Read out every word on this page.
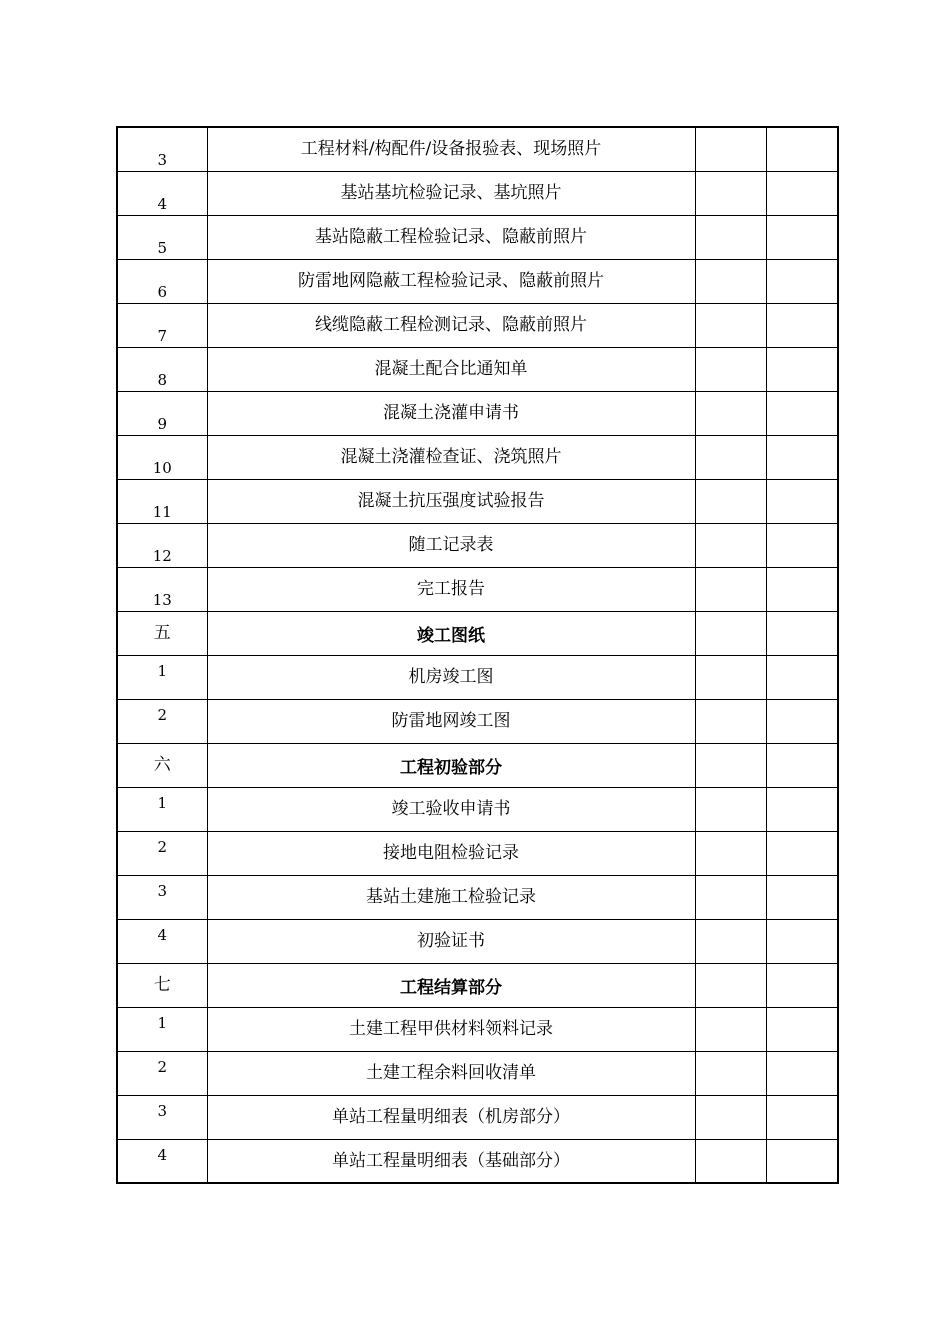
3	工程材料/构配件/设备报验表、现场照片		
4	基站基坑检验记录、基坑照片		
5	基站隐蔽工程检验记录、隐蔽前照片		
6	防雷地网隐蔽工程检验记录、隐蔽前照片		
7	线缆隐蔽工程检测记录、隐蔽前照片		
8	混凝土配合比通知单		
9	混凝土浇灌申请书		
10	混凝土浇灌检查证、浇筑照片		
11	混凝土抗压强度试验报告		
12	随工记录表		
13	完工报告		
五	竣工图纸		
1	机房竣工图		
2	防雷地网竣工图		
六	工程初验部分		
1	竣工验收申请书		
2	接地电阻检验记录		
3	基站土建施工检验记录		
4	初验证书		
七	工程结算部分		
1	土建工程甲供材料领料记录		
2	土建工程余料回收清单		
3	单站工程量明细表（机房部分）		
4	单站工程量明细表（基础部分）		
